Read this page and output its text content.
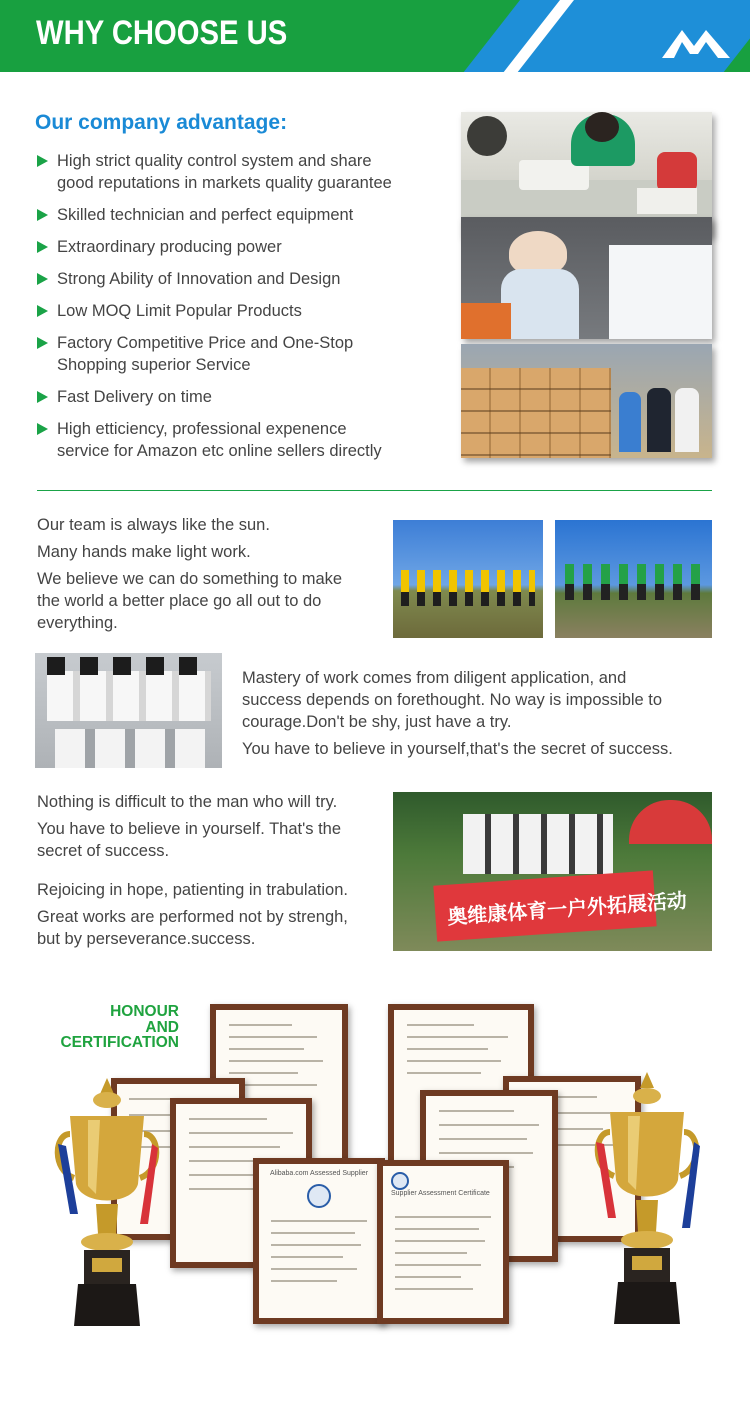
WHY CHOOSE US
Our company advantage:
High strict quality control system and share
good reputations in markets quality guarantee
Skilled technician and perfect equipment
Extraordinary producing power
Strong Ability of Innovation and Design
Low MOQ Limit Popular Products
Factory Competitive Price and One-Stop
Shopping superior Service
Fast Delivery on time
High etticiency, professional expenence
service for Amazon etc online sellers directly

Our team is always like the sun.

Many hands make light work.

We believe we can do something to make
the world a better place go all out to do
everything.

Mastery of work comes from diligent application, and
success depends on forethought. No way is impossible to
courage.Don't be shy, just have a try.

You have to believe in yourself,that's the secret of success.

Nothing is difficult to the man who will try.

You have to believe in yourself. That's the
secret of success.

Rejoicing in hope, patienting in trabulation.

Great works are performed not by strengh,
but by perseverance.success.

奥维康体育一户外拓展活动
HONOUR
AND
CERTIFICATION
Alibaba.com Assessed Supplier
Supplier Assessment Certificate
